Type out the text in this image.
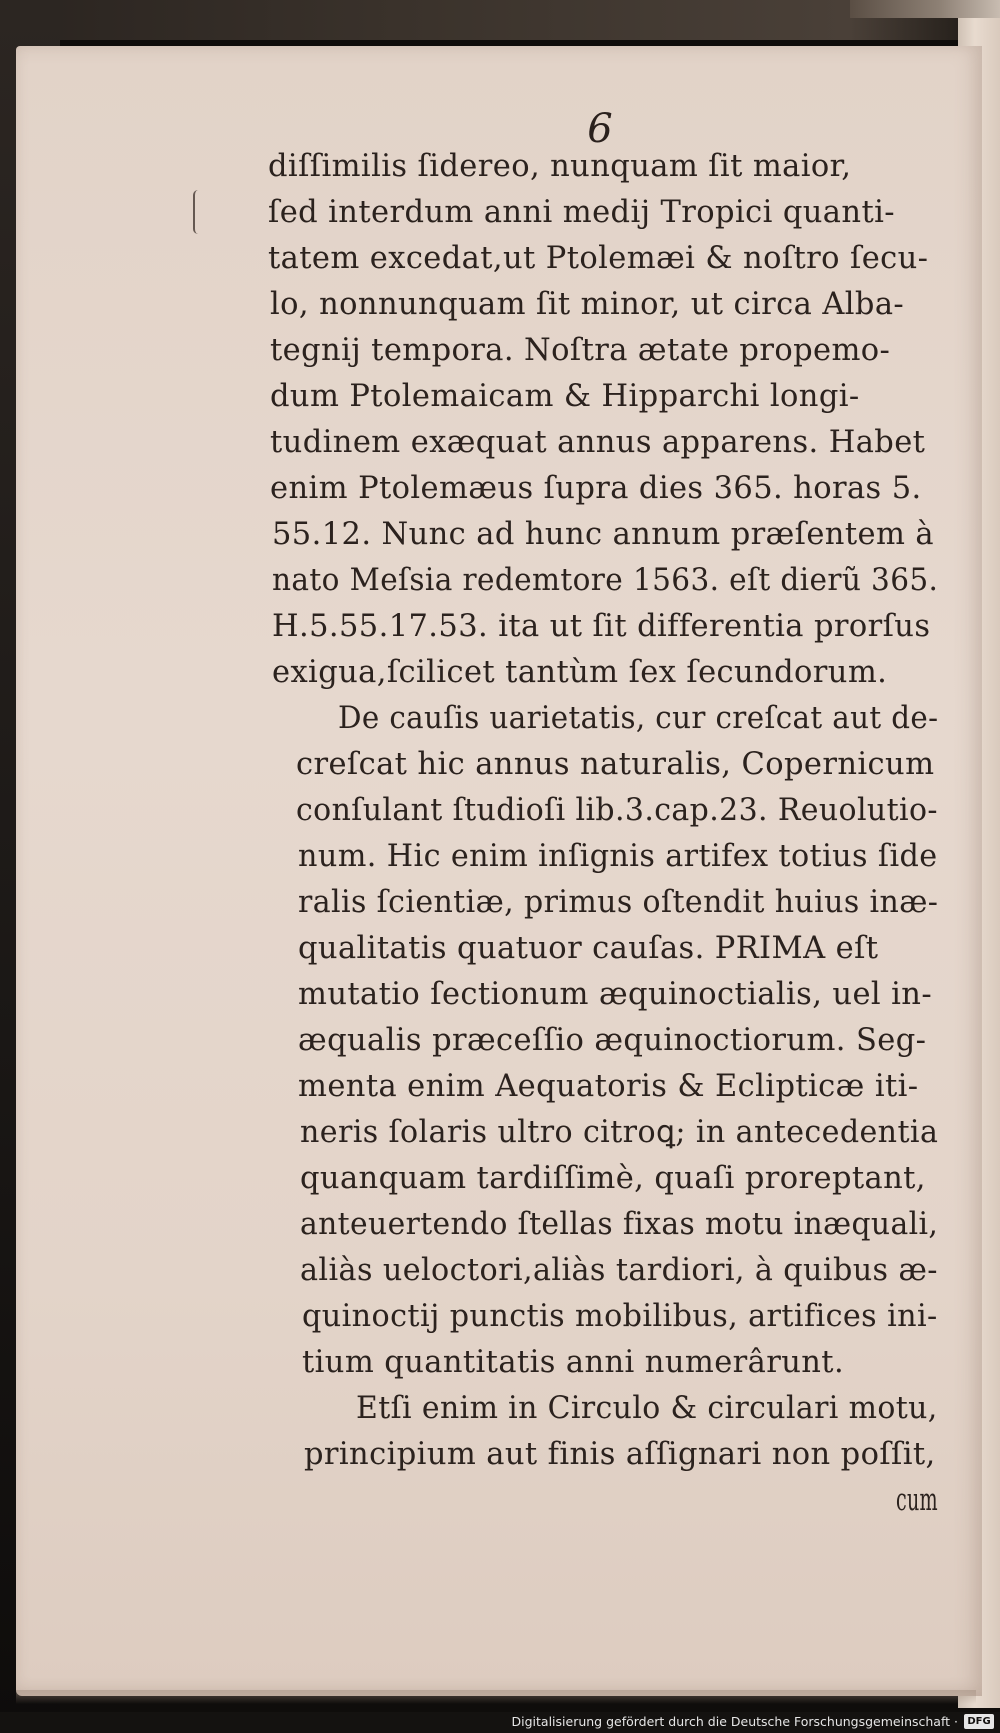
6
diſſimilis ſidereo, nunquam ſit maior,
ſed interdum anni medij Tropici quanti-
tatem excedat,ut Ptolemæi & noſtro ſecu-
lo, nonnunquam ſit minor, ut circa Alba-
tegnij tempora. Noſtra ætate propemo-
dum Ptolemaicam & Hipparchi longi-
tudinem exæquat annus apparens. Habet
enim Ptolemæus ſupra dies 365. horas 5.
55.12. Nunc ad hunc annum præſentem à
nato Meſsia redemtore 1563. eſt dierũ 365.
H.5.55.17.53. ita ut ſit differentia prorſus
exigua,ſcilicet tantùm ſex ſecundorum.
De cauſis uarietatis, cur creſcat aut de-
creſcat hic annus naturalis, Copernicum
conſulant ſtudioſi lib.3.cap.23. Reuolutio-
num. Hic enim inſignis artifex totius ſide
ralis ſcientiæ, primus oſtendit huius inæ-
qualitatis quatuor cauſas. PRIMA eſt
mutatio ſectionum æquinoctialis, uel in-
æqualis præceſſio æquinoctiorum. Seg-
menta enim Aequatoris & Eclipticæ iti-
neris ſolaris ultro citroꝗ; in antecedentia
quanquam tardiſſimè, quaſi proreptant,
anteuertendo ſtellas fixas motu inæquali,
aliàs ueloctori,aliàs tardiori, à quibus æ-
quinoctij punctis mobilibus, artifices ini-
tium quantitatis anni numerârunt.
Etſi enim in Circulo & circulari motu,
principium aut finis aſſignari non poſſit,
cum
Digitalisierung gefördert durch die Deutsche Forschungsgemeinschaft · DFG
